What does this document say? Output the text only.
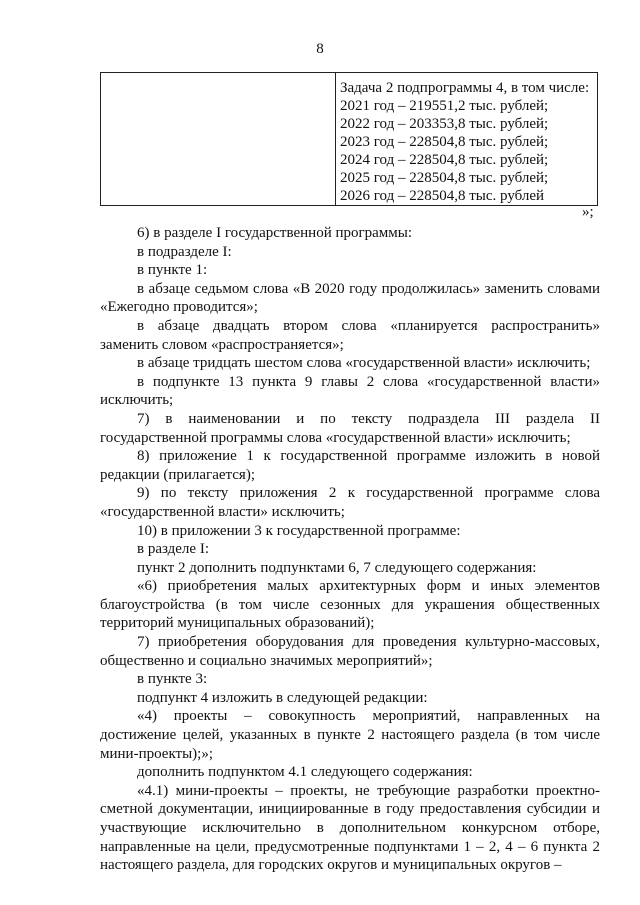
8

Задача 2 подпрограммы 4, в том числе:
2021 год – 219551,2 тыс. рублей;
2022 год – 203353,8 тыс. рублей;
2023 год – 228504,8 тыс. рублей;
2024 год – 228504,8 тыс. рублей;
2025 год – 228504,8 тыс. рублей;
2026 год – 228504,8 тыс. рублей
»;

6) в разделе I государственной программы:

в подразделе I:

в пункте 1:

в абзаце седьмом слова «В 2020 году продолжилась» заменить словами «Ежегодно проводится»;

в абзаце двадцать втором слова «планируется распространить» заменить словом «распространяется»;

в абзаце тридцать шестом слова «государственной власти» исключить;

в подпункте 13 пункта 9 главы 2 слова «государственной власти» исключить;

7) в наименовании и по тексту подраздела III раздела II государственной программы слова «государственной власти» исключить;

8) приложение 1 к государственной программе изложить в новой редакции (прилагается);

9) по тексту приложения 2 к государственной программе слова «государственной власти» исключить;

10) в приложении 3 к государственной программе:

в разделе I:

пункт 2 дополнить подпунктами 6, 7 следующего содержания:

«6) приобретения малых архитектурных форм и иных элементов благоустройства (в том числе сезонных для украшения общественных территорий муниципальных образований);

7) приобретения оборудования для проведения культурно-массовых, общественно и социально значимых мероприятий»;

в пункте 3:

подпункт 4 изложить в следующей редакции:

«4) проекты – совокупность мероприятий, направленных на достижение целей, указанных в пункте 2 настоящего раздела (в том числе мини-проекты);»;

дополнить подпунктом 4.1 следующего содержания:

«4.1) мини-проекты – проекты, не требующие разработки проектно-сметной документации, инициированные в году предоставления субсидии и участвующие исключительно в дополнительном конкурсном отборе, направленные на цели, предусмотренные подпунктами 1 – 2, 4 – 6 пункта 2 настоящего раздела, для городских округов и муниципальных округов –
